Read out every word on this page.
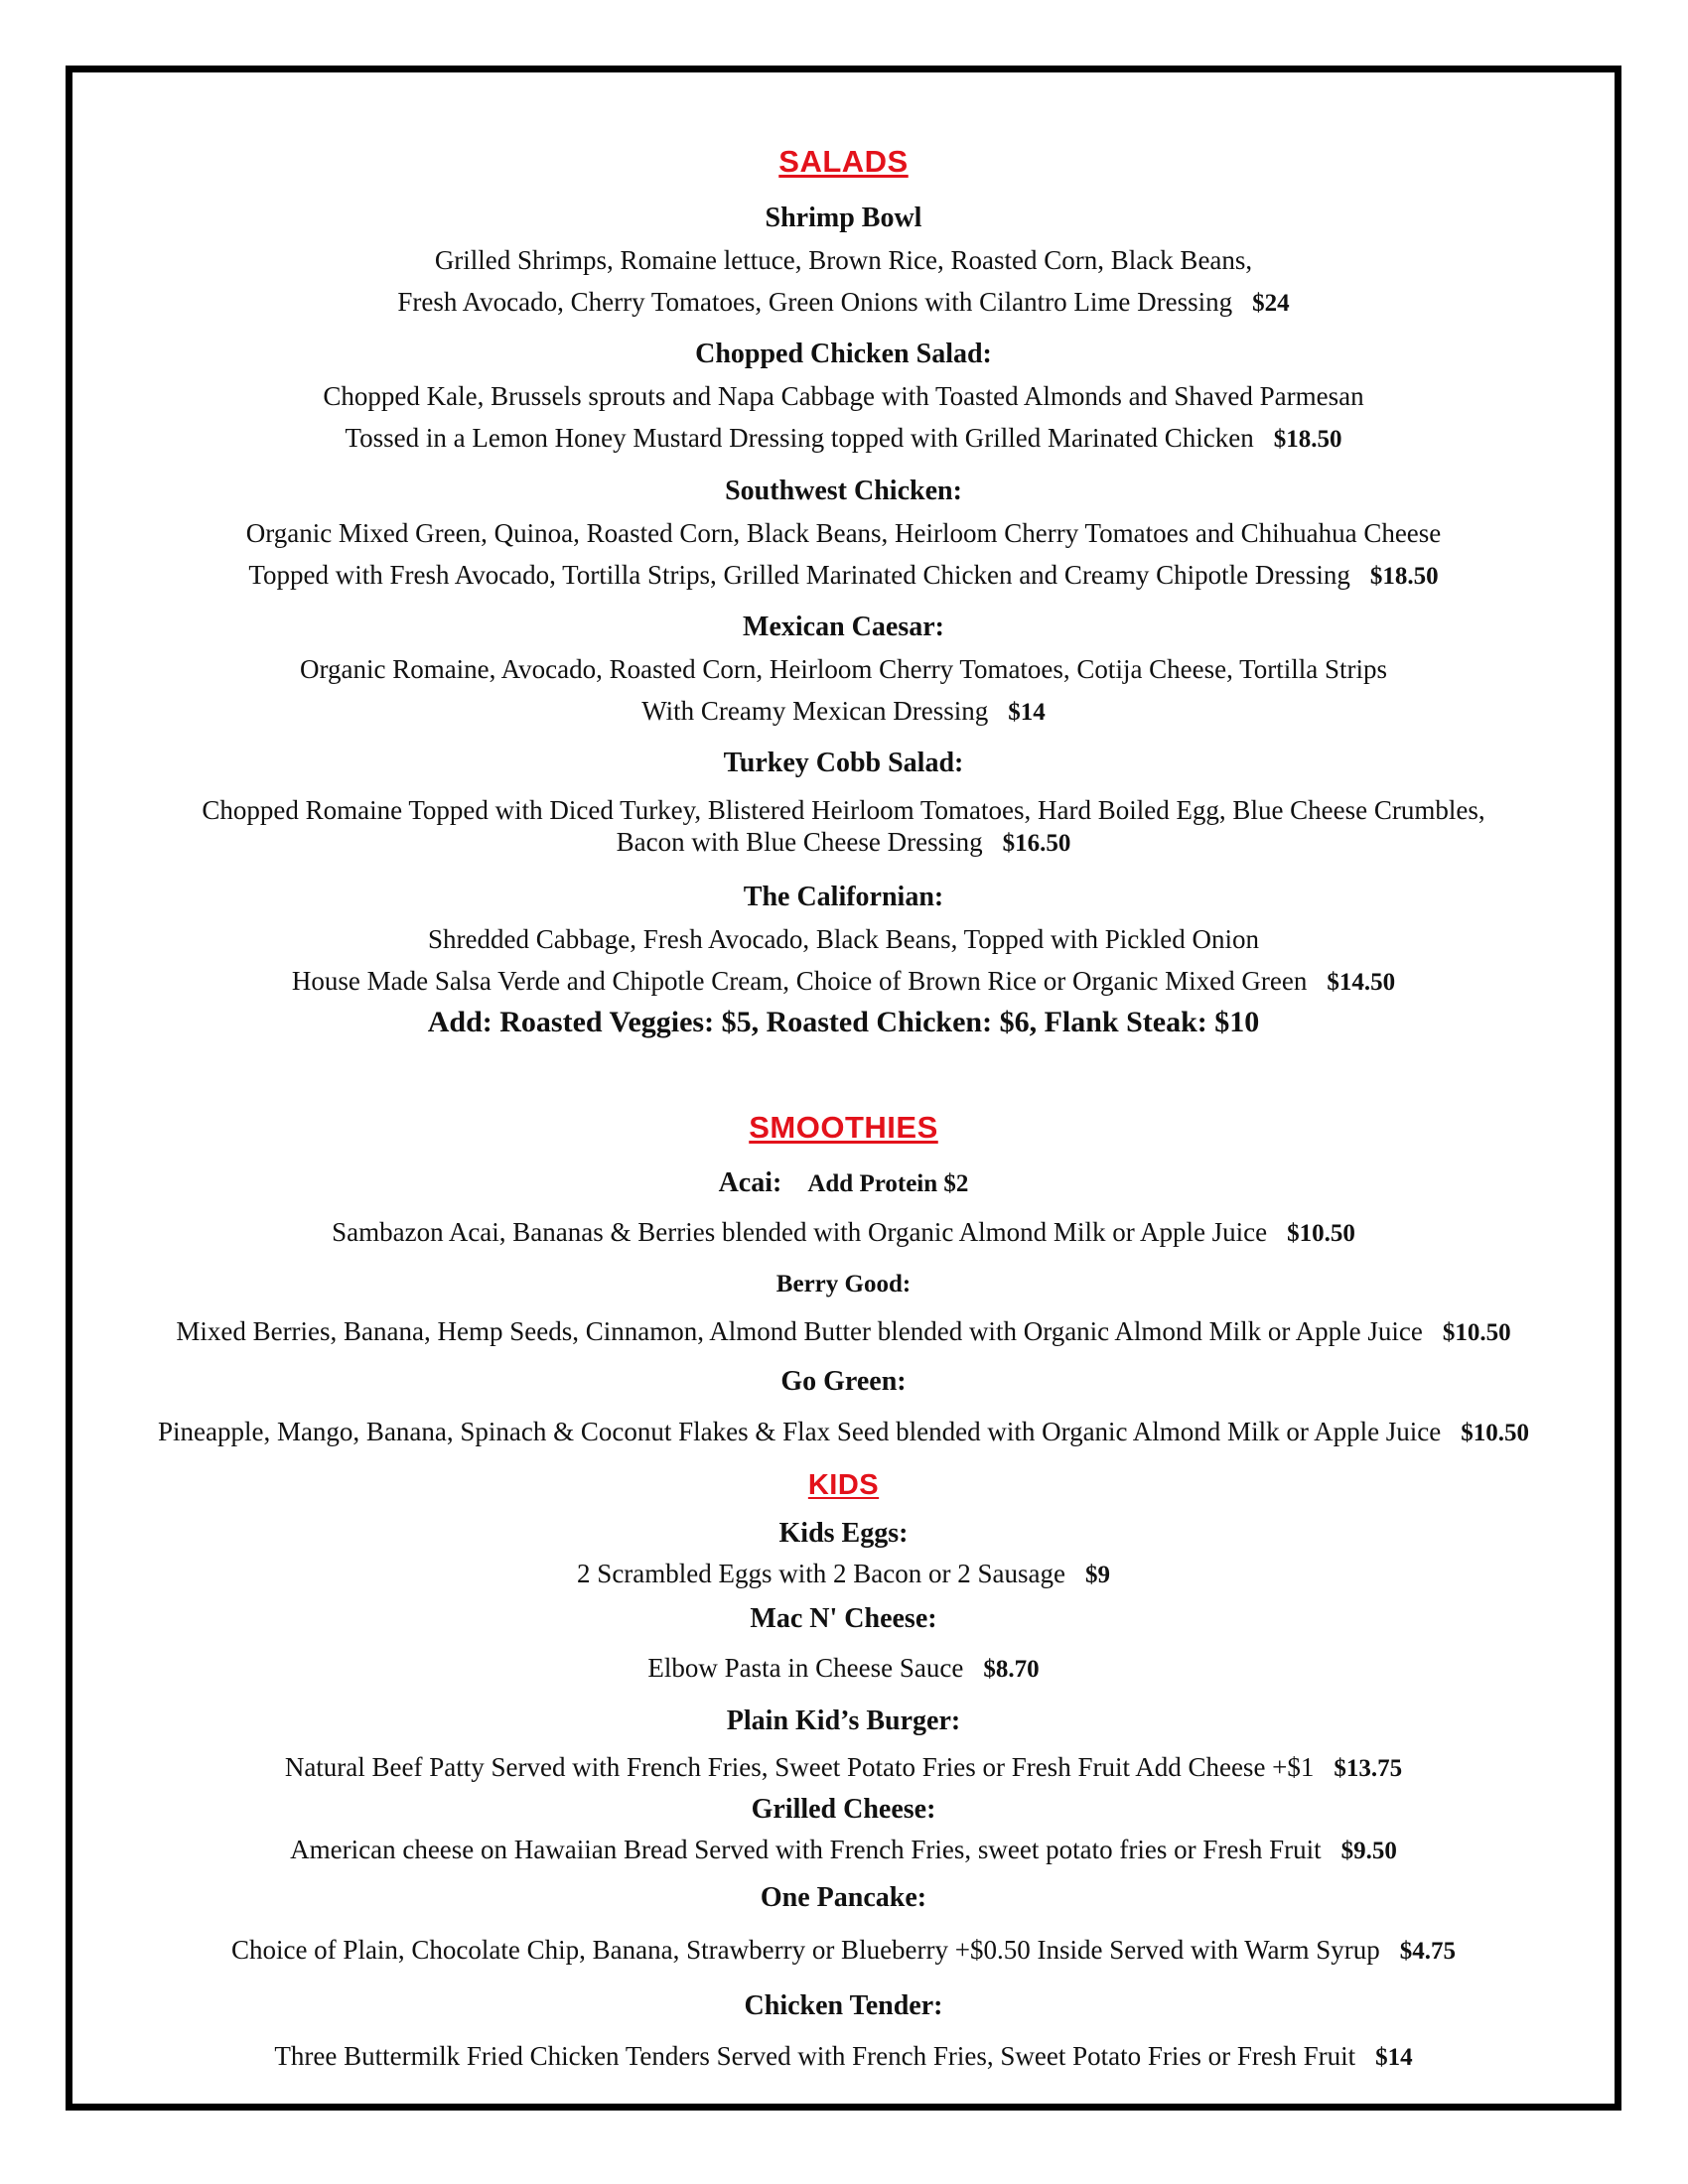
SALADS
Shrimp Bowl
Grilled Shrimps, Romaine lettuce, Brown Rice, Roasted Corn, Black Beans,
Fresh Avocado, Cherry Tomatoes, Green Onions with Cilantro Lime Dressing $24
Chopped Chicken Salad:
Chopped Kale, Brussels sprouts and Napa Cabbage with Toasted Almonds and Shaved Parmesan
Tossed in a Lemon Honey Mustard Dressing topped with Grilled Marinated Chicken $18.50
Southwest Chicken:
Organic Mixed Green, Quinoa, Roasted Corn, Black Beans, Heirloom Cherry Tomatoes and Chihuahua Cheese
Topped with Fresh Avocado, Tortilla Strips, Grilled Marinated Chicken and Creamy Chipotle Dressing $18.50
Mexican Caesar:
Organic Romaine, Avocado, Roasted Corn, Heirloom Cherry Tomatoes, Cotija Cheese, Tortilla Strips
With Creamy Mexican Dressing $14
Turkey Cobb Salad:
Chopped Romaine Topped with Diced Turkey, Blistered Heirloom Tomatoes, Hard Boiled Egg, Blue Cheese Crumbles,
Bacon with Blue Cheese Dressing $16.50
The Californian:
Shredded Cabbage, Fresh Avocado, Black Beans, Topped with Pickled Onion
House Made Salsa Verde and Chipotle Cream, Choice of Brown Rice or Organic Mixed Green $14.50
Add: Roasted Veggies: $5, Roasted Chicken: $6, Flank Steak: $10
SMOOTHIES
Acai: Add Protein $2
Sambazon Acai, Bananas & Berries blended with Organic Almond Milk or Apple Juice $10.50
Berry Good:
Mixed Berries, Banana, Hemp Seeds, Cinnamon, Almond Butter blended with Organic Almond Milk or Apple Juice $10.50
Go Green:
Pineapple, Mango, Banana, Spinach & Coconut Flakes & Flax Seed blended with Organic Almond Milk or Apple Juice $10.50
KIDS
Kids Eggs:
2 Scrambled Eggs with 2 Bacon or 2 Sausage $9
Mac N' Cheese:
Elbow Pasta in Cheese Sauce $8.70
Plain Kid’s Burger:
Natural Beef Patty Served with French Fries, Sweet Potato Fries or Fresh Fruit Add Cheese +$1 $13.75
Grilled Cheese:
American cheese on Hawaiian Bread Served with French Fries, sweet potato fries or Fresh Fruit $9.50
One Pancake:
Choice of Plain, Chocolate Chip, Banana, Strawberry or Blueberry +$0.50 Inside Served with Warm Syrup $4.75
Chicken Tender:
Three Buttermilk Fried Chicken Tenders Served with French Fries, Sweet Potato Fries or Fresh Fruit $14
